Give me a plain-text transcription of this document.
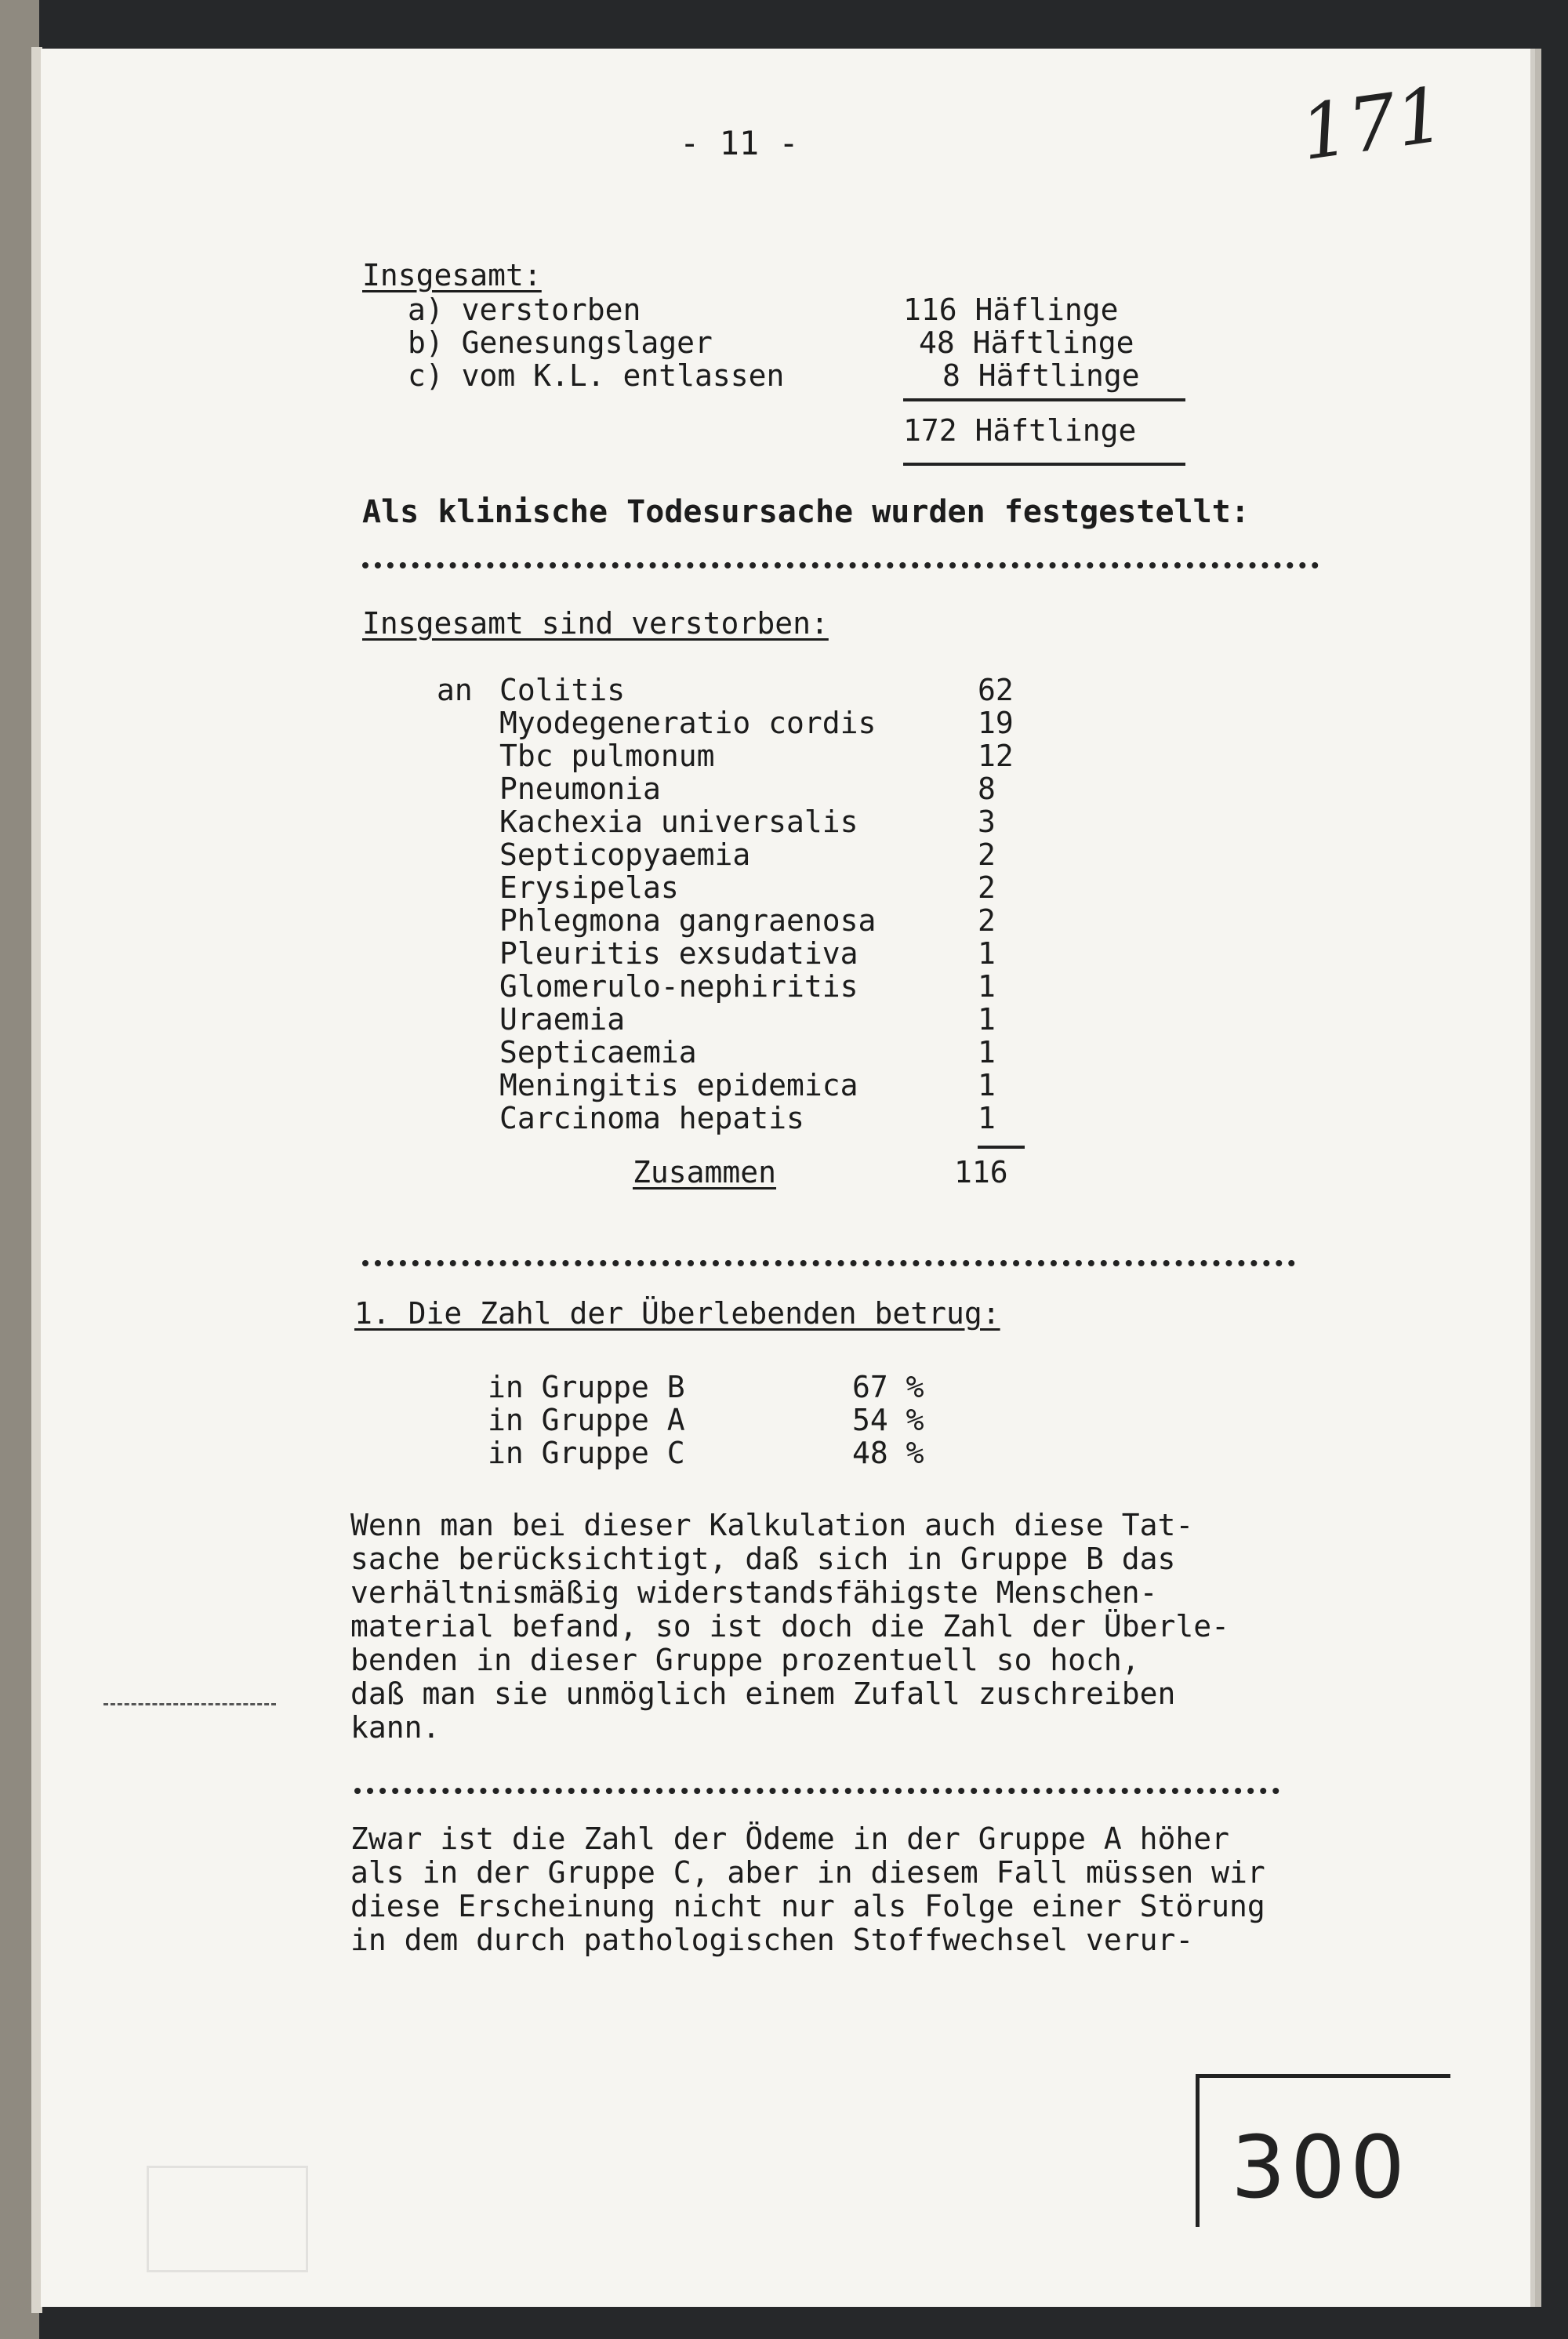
- 11 -	171
Insgesamt:
a) verstorben	116 Häflinge
b) Genesungslager	48 Häftlinge
c) vom K.L. entlassen	8 Häftlinge
172 Häftlinge
Als klinische Todesursache wurden festgestellt:
Insgesamt sind verstorben:
an Colitis	62
Myodegeneratio cordis	19
Tbc pulmonum	12
Pneumonia	8
Kachexia universalis	3
Septicopyaemia	2
Erysipelas	2
Phlegmona gangraenosa	2
Pleuritis exsudativa	1
Glomerulo-nephiritis	1
Uraemia	1
Septicaemia	1
Meningitis epidemica	1
Carcinoma hepatis	1
Zusammen	116
1. Die Zahl der Überlebenden betrug:
in Gruppe B	67 %
in Gruppe A	54 %
in Gruppe C	48 %
Wenn man bei dieser Kalkulation auch diese Tat-
sache berücksichtigt, daß sich in Gruppe B das
verhältnismäßig widerstandsfähigste Menschen-
material befand, so ist doch die Zahl der Überle-
benden in dieser Gruppe prozentuell so hoch,
daß man sie unmöglich einem Zufall zuschreiben
kann.
Zwar ist die Zahl der Ödeme in der Gruppe A höher
als in der Gruppe C, aber in diesem Fall müssen wir
diese Erscheinung nicht nur als Folge einer Störung
in dem durch pathologischen Stoffwechsel verur-
300
